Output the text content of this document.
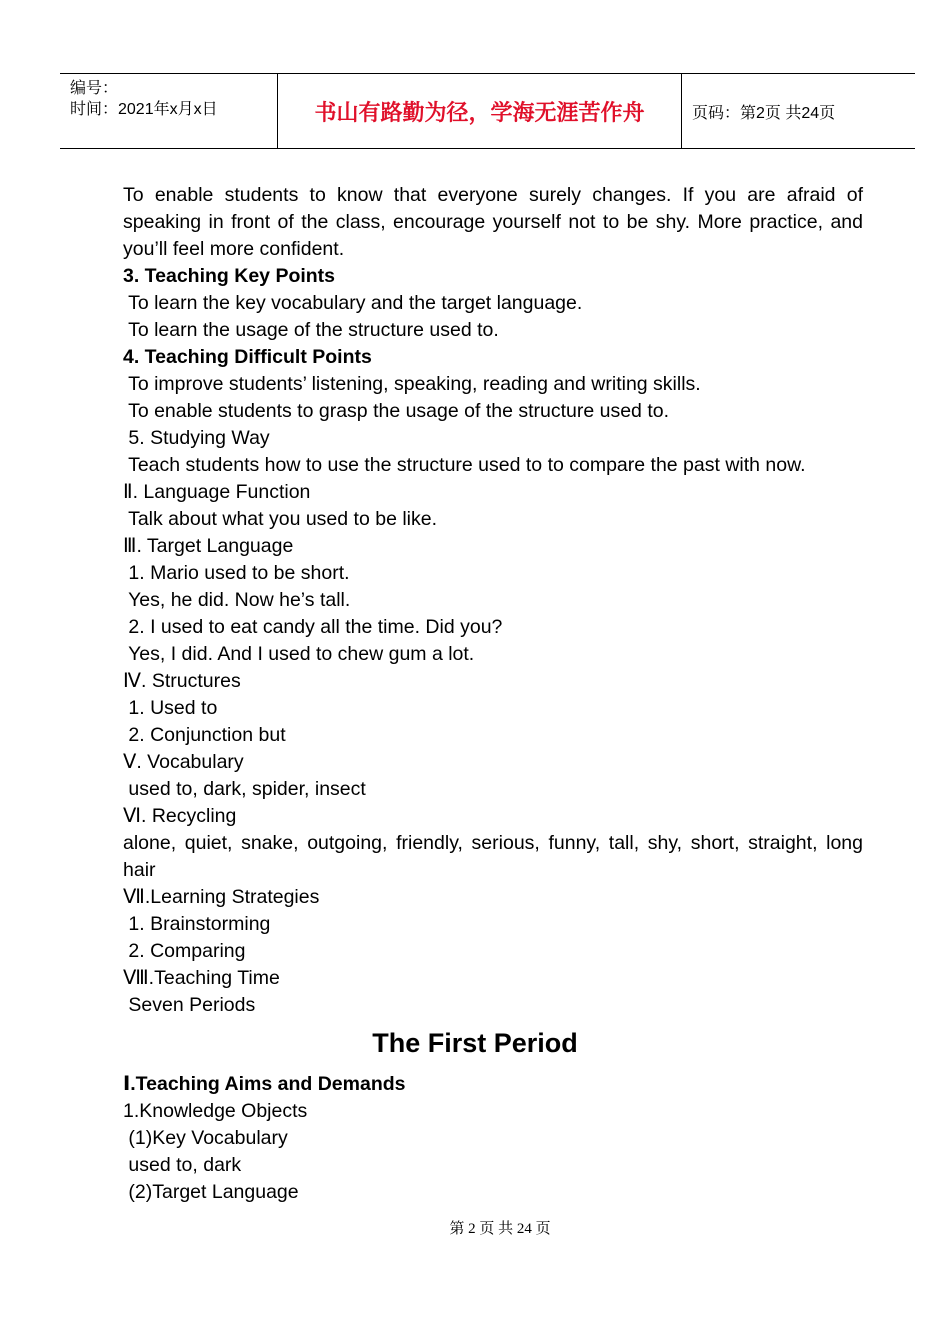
编号：
时间：2021年x月x日	书山有路勤为径，学海无涯苦作舟	页码：第2页 共24页
To enable students to know that everyone surely changes. If you are afraid of speaking in front of the class, encourage yourself not to be shy. More practice, and you’ll feel more confident.
3. Teaching Key Points
To learn the key vocabulary and the target language.
To learn the usage of the structure used to.
4. Teaching Difficult Points
To improve students’ listening, speaking, reading and writing skills.
To enable students to grasp the usage of the structure used to.
5. Studying Way
Teach students how to use the structure used to to compare the past with now.
Ⅱ. Language Function
Talk about what you used to be like.
Ⅲ. Target Language
1. Mario used to be short.
Yes, he did. Now he’s tall.
2. I used to eat candy all the time. Did you?
Yes, I did. And I used to chew gum a lot.
Ⅳ. Structures
1. Used to
2. Conjunction but
Ⅴ. Vocabulary
used to, dark, spider, insect
Ⅵ. Recycling
alone, quiet, snake, outgoing, friendly, serious, funny, tall, shy, short, straight, long hair
Ⅶ.Learning Strategies
1. Brainstorming
2. Comparing
Ⅷ.Teaching Time
Seven Periods
The First Period
Ⅰ.Teaching Aims and Demands
1.Knowledge Objects
(1)Key Vocabulary
used to, dark
(2)Target Language
第 2 页 共 24 页
